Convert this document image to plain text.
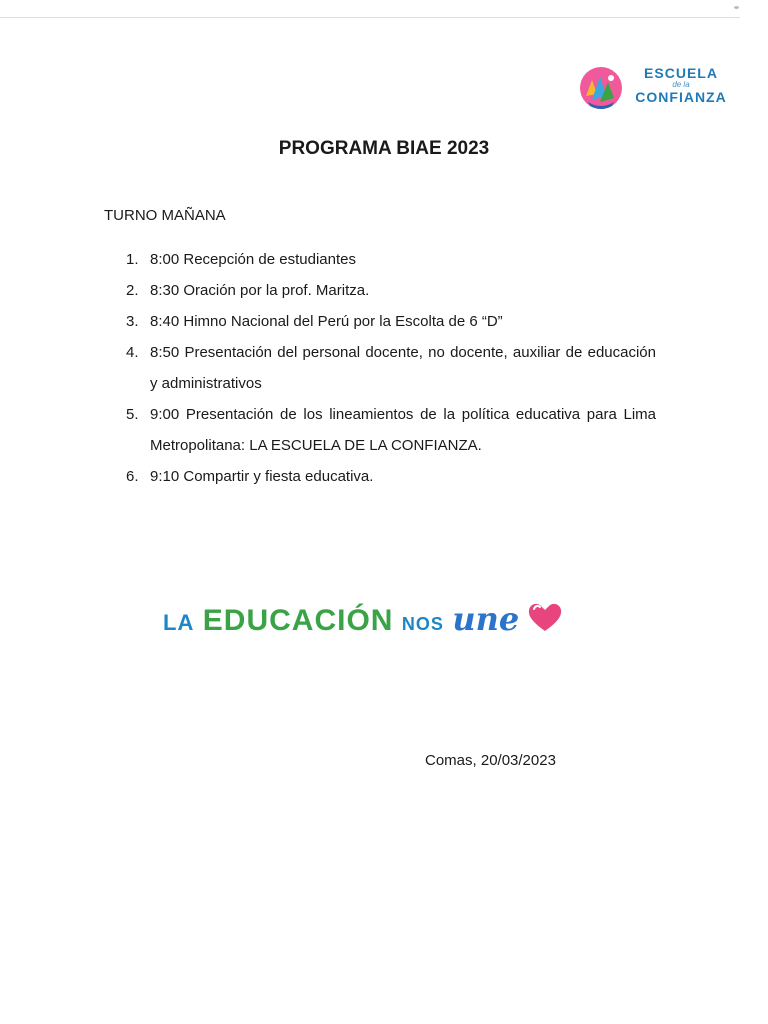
ESCUELA
de la
CONFIANZA
PROGRAMA BIAE 2023
TURNO MAÑANA
1. 8:00 Recepción de estudiantes
2. 8:30 Oración por la prof. Maritza.
3. 8:40 Himno Nacional del Perú por la Escolta de 6 “D”
4. 8:50 Presentación del personal docente, no docente, auxiliar de educación y administrativos
5. 9:00 Presentación de los lineamientos de la política educativa para Lima Metropolitana: LA ESCUELA DE LA CONFIANZA.
6. 9:10 Compartir y fiesta educativa.
LA EDUCACIÓN NOS une
Comas, 20/03/2023
